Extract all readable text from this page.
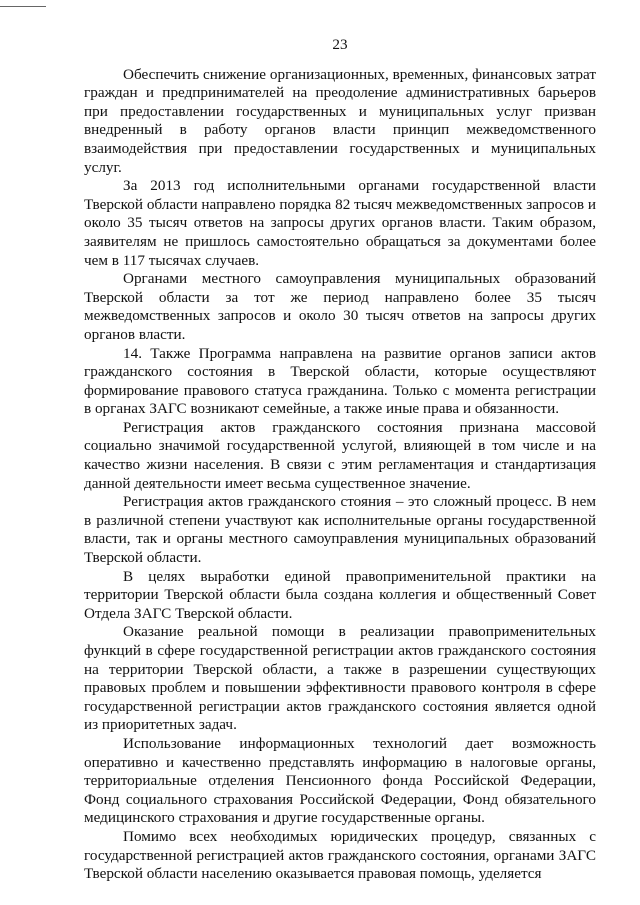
23

Обеспечить снижение организационных, временных, финансовых затрат граждан и предпринимателей на преодоление административных барьеров при предоставлении государственных и муниципальных услуг призван внедренный в работу органов власти принцип межведомственного взаимодействия при предоставлении государственных и муниципальных услуг.

За 2013 год исполнительными органами государственной власти Тверской области направлено порядка 82 тысяч межведомственных запросов и около 35 тысяч ответов на запросы других органов власти. Таким образом, заявителям не пришлось самостоятельно обращаться за документами более чем в 117 тысячах случаев.

Органами местного самоуправления муниципальных образований Тверской области за тот же период направлено более 35 тысяч межведомственных запросов и около 30 тысяч ответов на запросы других органов власти.

14. Также Программа направлена на развитие органов записи актов гражданского состояния в Тверской области, которые осуществляют формирование правового статуса гражданина. Только с момента регистрации в органах ЗАГС возникают семейные, а также иные права и обязанности.

Регистрация актов гражданского состояния признана массовой социально значимой государственной услугой, влияющей в том числе и на качество жизни населения. В связи с этим регламентация и стандартизация данной деятельности имеет весьма существенное значение.

Регистрация актов гражданского стояния – это сложный процесс. В нем в различной степени участвуют как исполнительные органы государственной власти, так и органы местного самоуправления муниципальных образований Тверской области.

В целях выработки единой правоприменительной практики на территории Тверской области была создана коллегия и общественный Совет Отдела ЗАГС Тверской области.

Оказание реальной помощи в реализации правоприменительных функций в сфере государственной регистрации актов гражданского состояния на территории Тверской области, а также в разрешении существующих правовых проблем и повышении эффективности правового контроля в сфере государственной регистрации актов гражданского состояния является одной из приоритетных задач.

Использование информационных технологий дает возможность оперативно и качественно представлять информацию в налоговые органы, территориальные отделения Пенсионного фонда Российской Федерации, Фонд социального страхования Российской Федерации, Фонд обязательного медицинского страхования и другие государственные органы.

Помимо всех необходимых юридических процедур, связанных с государственной регистрацией актов гражданского состояния, органами ЗАГС Тверской области населению оказывается правовая помощь, уделяется
